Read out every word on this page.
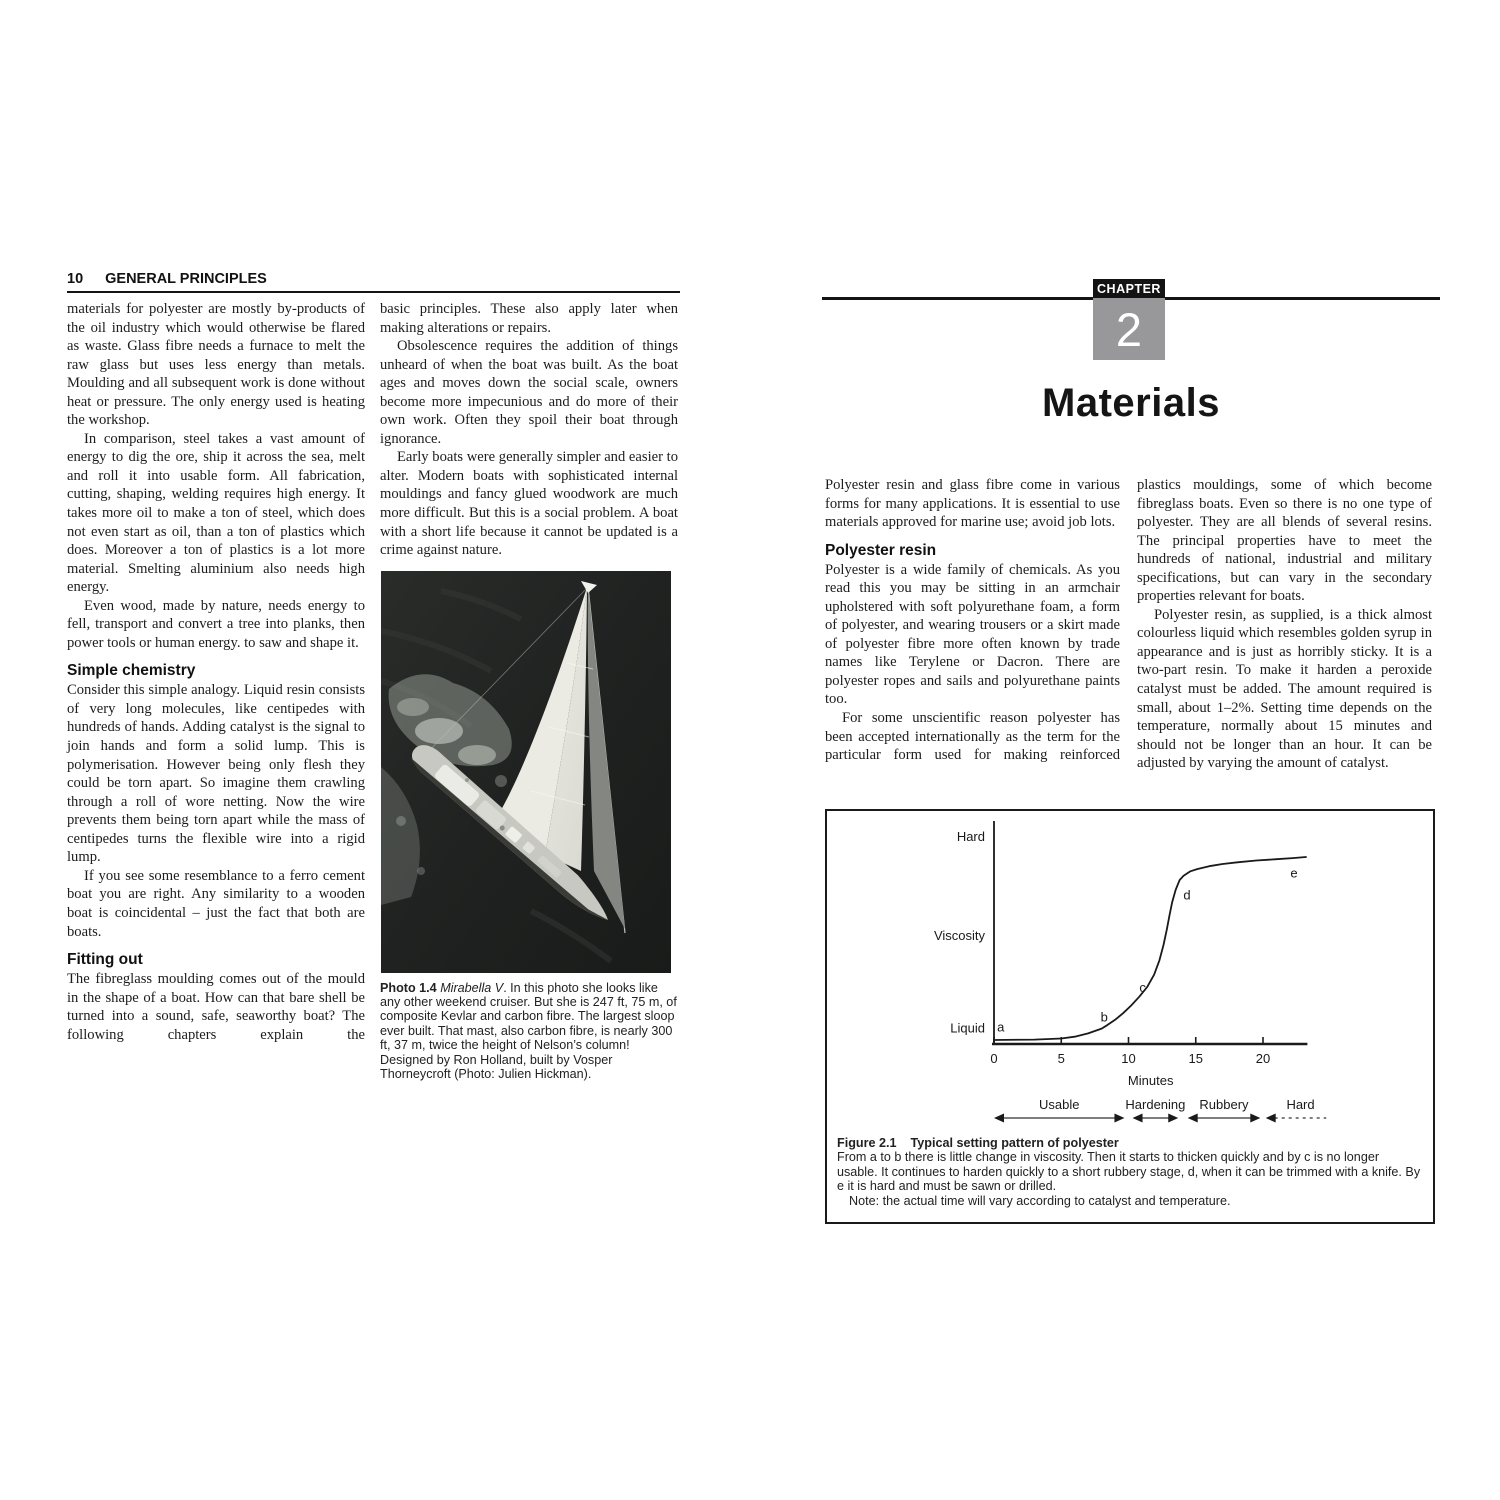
10 GENERAL PRINCIPLES

materials for polyester are mostly by-products of the oil industry which would otherwise be flared as waste. Glass fibre needs a furnace to melt the raw glass but uses less energy than metals. Moulding and all subsequent work is done without heat or pressure. The only energy used is heating the workshop.

In comparison, steel takes a vast amount of energy to dig the ore, ship it across the sea, melt and roll it into usable form. All fabrication, cutting, shaping, welding requires high energy. It takes more oil to make a ton of steel, which does not even start as oil, than a ton of plastics which does. Moreover a ton of plastics is a lot more material. Smelting aluminium also needs high energy.

Even wood, made by nature, needs energy to fell, transport and convert a tree into planks, then power tools or human energy. to saw and shape it.

Simple chemistry

Consider this simple analogy. Liquid resin consists of very long molecules, like centipedes with hundreds of hands. Adding catalyst is the signal to join hands and form a solid lump. This is polymerisation. However being only flesh they could be torn apart. So imagine them crawling through a roll of wore netting. Now the wire prevents them being torn apart while the mass of centipedes turns the flexible wire into a rigid lump.

If you see some resemblance to a ferro cement boat you are right. Any similarity to a wooden boat is coincidental – just the fact that both are boats.

Fitting out

The fibreglass moulding comes out of the mould in the shape of a boat. How can that bare shell be turned into a sound, safe, seaworthy boat? The following chapters explain the

basic principles. These also apply later when making alterations or repairs.

Obsolescence requires the addition of things unheard of when the boat was built. As the boat ages and moves down the social scale, owners become more impecunious and do more of their own work. Often they spoil their boat through ignorance.

Early boats were generally simpler and easier to alter. Modern boats with sophisticated internal mouldings and fancy glued woodwork are much more difficult. But this is a social problem. A boat with a short life because it cannot be updated is a crime against nature.

Photo 1.4 Mirabella V. In this photo she looks like any other weekend cruiser. But she is 247 ft, 75 m, of composite Kevlar and carbon fibre. The largest sloop ever built. That mast, also carbon fibre, is nearly 300 ft, 37 m, twice the height of Nelson’s column! Designed by Ron Holland, built by Vosper Thorneycroft (Photo: Julien Hickman).

CHAPTER
2
Materials

Polyester resin and glass fibre come in various forms for many applications. It is essential to use materials approved for marine use; avoid job lots.

Polyester resin

Polyester is a wide family of chemicals. As you read this you may be sitting in an armchair upholstered with soft polyurethane foam, a form of polyester, and wearing trousers or a skirt made of polyester fibre more often known by trade names like Terylene or Dacron. There are polyester ropes and sails and polyurethane paints too.

For some unscientific reason polyester has been accepted internationally as the term for the particular form used for making reinforced

plastics mouldings, some of which become fibreglass boats. Even so there is no one type of polyester. They are all blends of several resins. The principal properties have to meet the hundreds of national, industrial and military specifications, but can vary in the secondary properties relevant for boats.

Polyester resin, as supplied, is a thick almost colourless liquid which resembles golden syrup in appearance and is just as horribly sticky. It is a two-part resin. To make it harden a peroxide catalyst must be added. The amount required is small, about 1–2%. Setting time depends on the temperature, normally about 15 minutes and should not be longer than an hour. It can be adjusted by varying the amount of catalyst.

0	5	10	15	20
Liquid
Viscosity
Hard
Minutes
a
b
c
d
e
Usable	Hardening Rubbery	Hard
Figure 2.1 Typical setting pattern of polyester
From a to b there is little change in viscosity. Then it starts to thicken quickly and by c is no longer usable. It continues to harden quickly to a short rubbery stage, d, when it can be trimmed with a knife. By e it is hard and must be sawn or drilled.
Note: the actual time will vary according to catalyst and temperature.
